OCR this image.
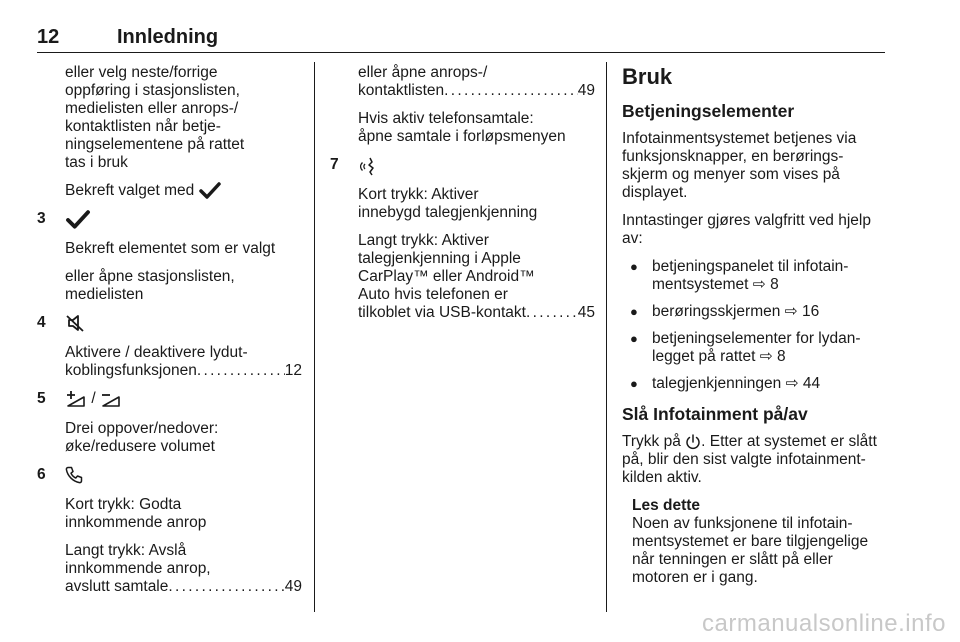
12	Innledning

eller velg neste/forrige
oppføring i stasjonslisten,
medielisten eller anrops-/
kontaktlisten når betje-
ningselementene på rattet
tas i bruk

Bekreft valget med

3

Bekreft elementet som er valgt

eller åpne stasjonslisten,
medielisten

4
Aktivere / deaktivere lydut-

koblingsfunksjonen . . .	12
5	/

Drei oppover/nedover:
øke/redusere volumet

6

Kort trykk: Godta
innkommende anrop

Langt trykk: Avslå
innkommende anrop,
avslutt samtale . . .	49
eller åpne anrops-/
kontaktlisten . . .	49

Hvis aktiv telefonsamtale:
åpne samtale i forløpsmenyen

7

Kort trykk: Aktiver
innebygd talegjenkjenning

Langt trykk: Aktiver
talegjenkjenning i Apple
CarPlay™ eller Android™
Auto hvis telefonen er
tilkoblet via USB-kontakt . . .	45
Bruk
Betjeningselementer

Infotainmentsystemet betjenes via
funksjonsknapper, en berørings-
skjerm og menyer som vises på
displayet.

Inntastinger gjøres valgfritt ved hjelp
av:

● betjeningspanelet til infotain-
mentsystemet ⇨ 8
● berøringsskjermen ⇨ 16
● betjeningselementer for lydan-
legget på rattet ⇨ 8
● talegjenkjenningen ⇨ 44
Slå Infotainment på/av

Trykk på . Etter at systemet er slått
på, blir den sist valgte infotainment-
kilden aktiv.

Les dette
Noen av funksjonene til infotain-
mentsystemet er bare tilgjengelige
når tenningen er slått på eller
motoren er i gang.
carmanualsonline.info
